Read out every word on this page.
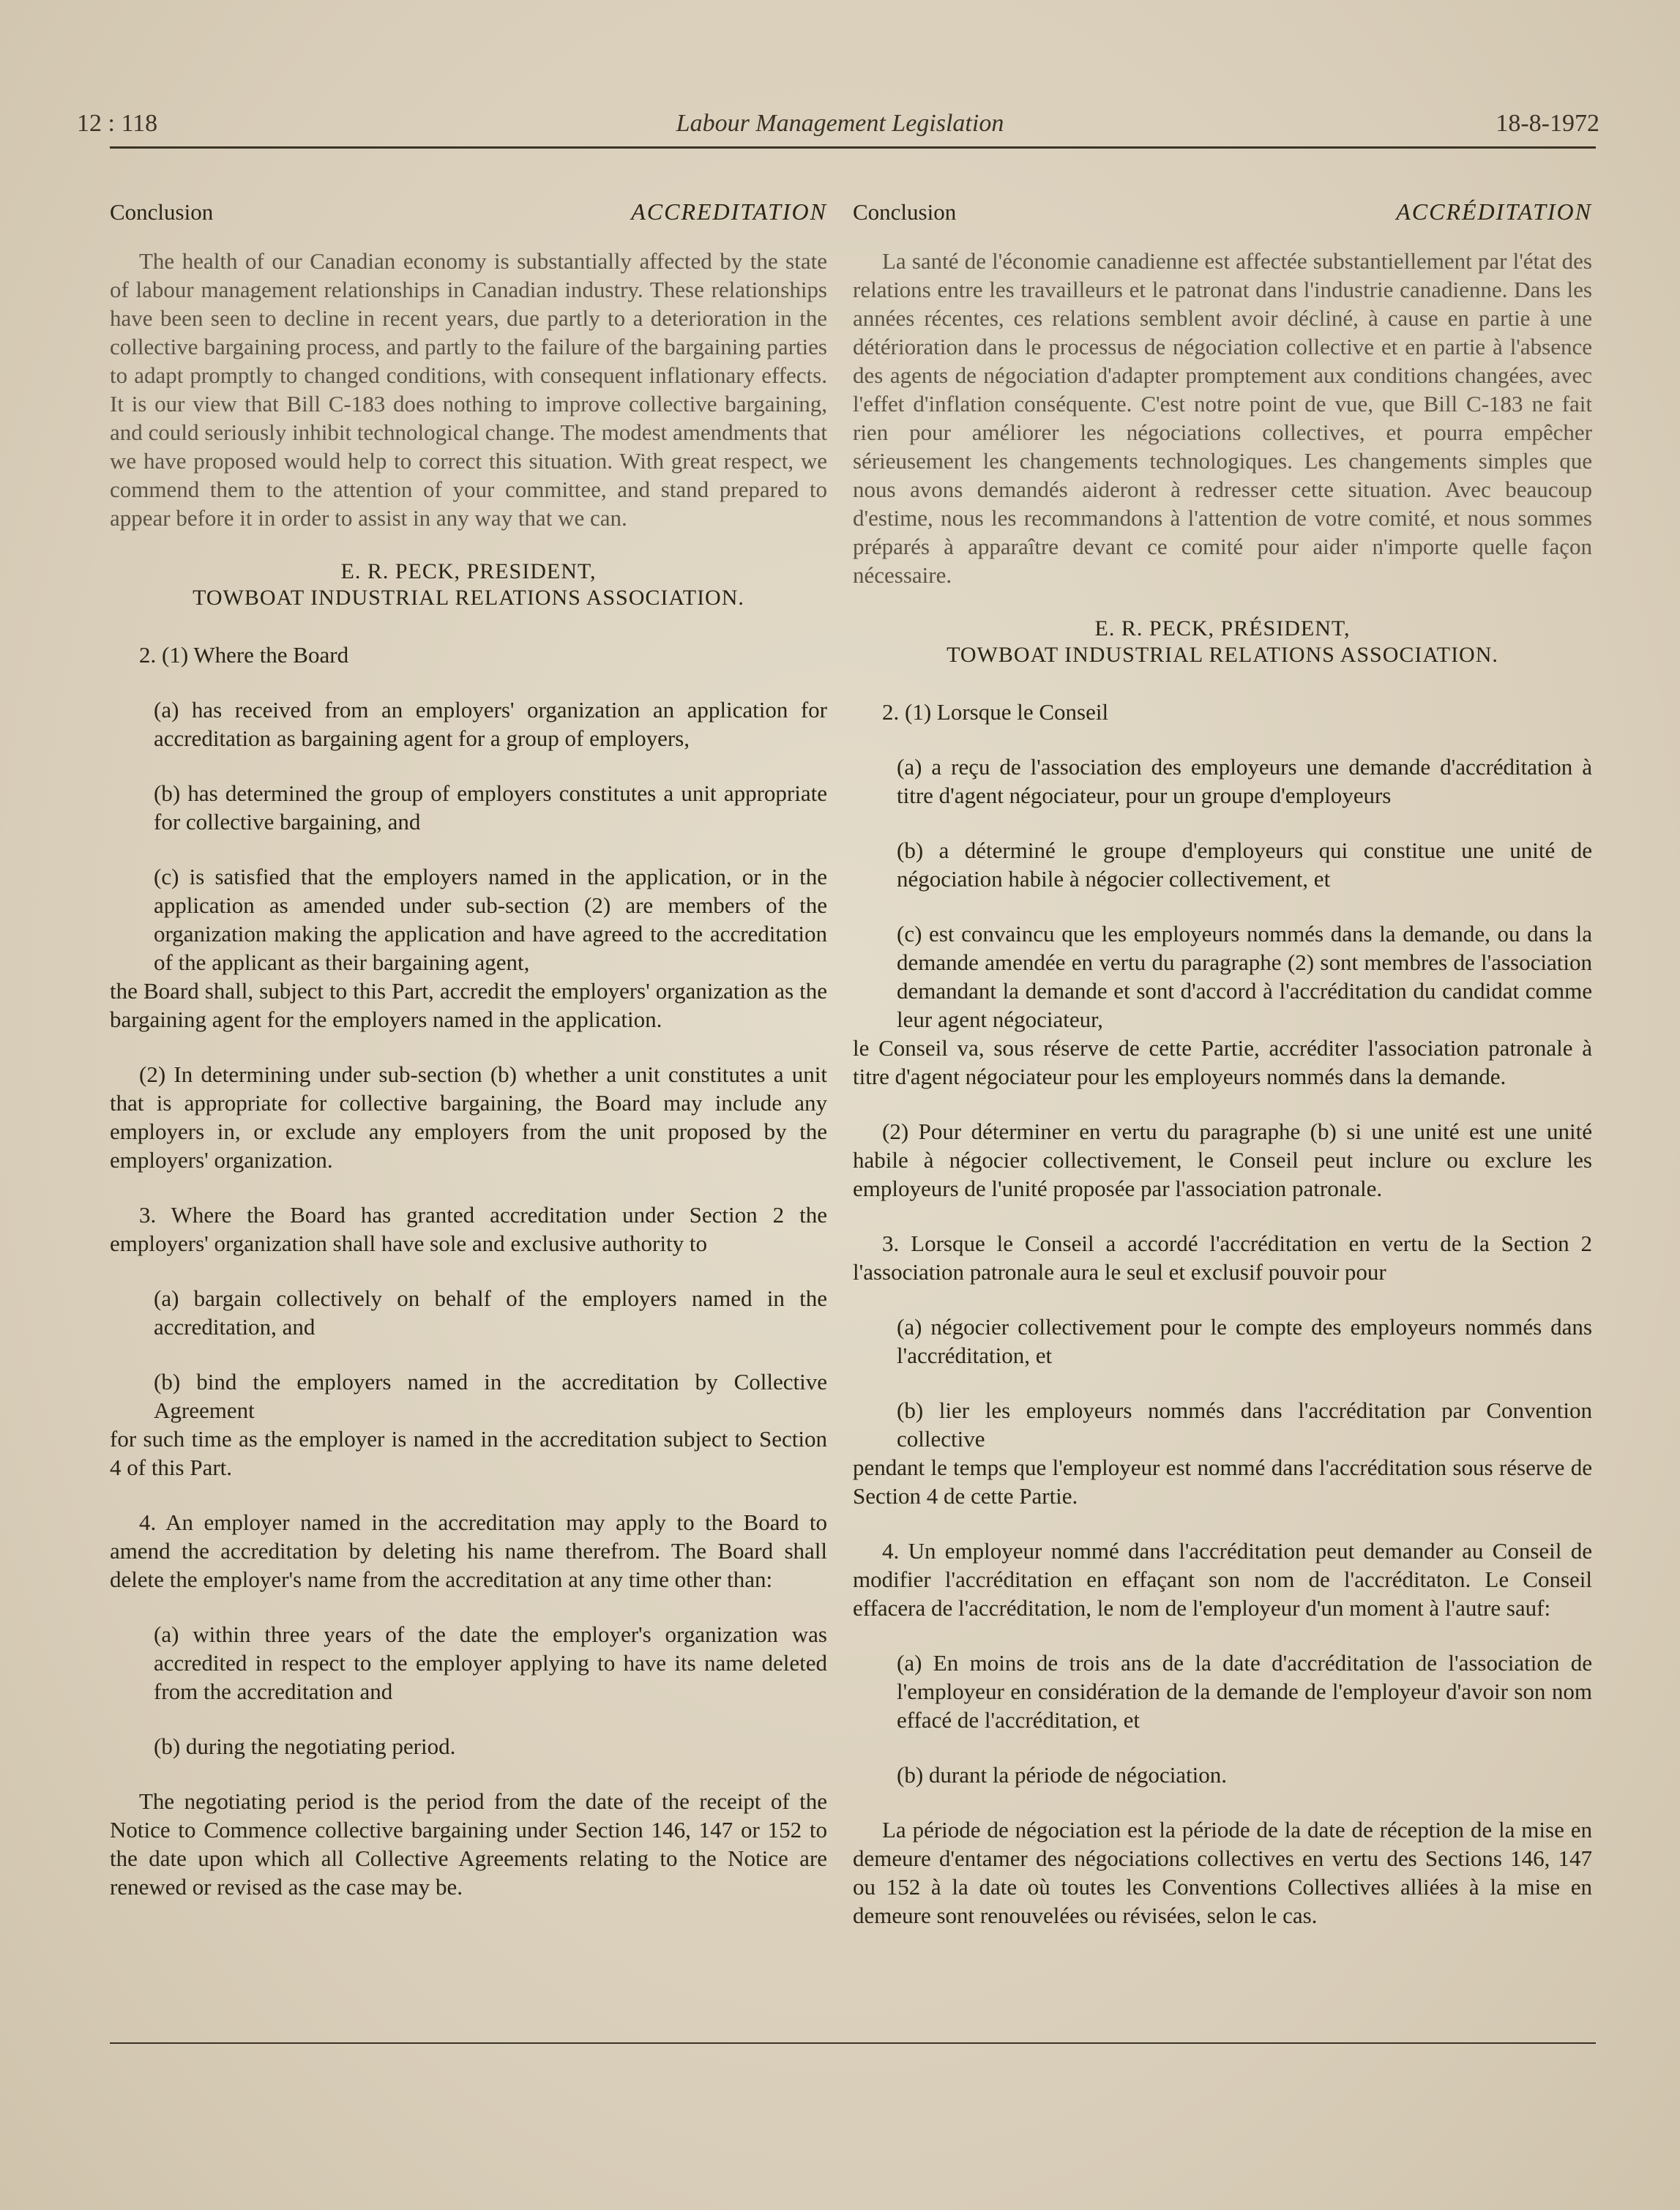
12 : 118	Labour Management Legislation	18-8-1972
Conclusion	ACCREDITATION

The health of our Canadian economy is substantially affected by the state of labour management relationships in Canadian industry. These relationships have been seen to decline in recent years, due partly to a deterioration in the collective bargaining process, and partly to the failure of the bargaining parties to adapt promptly to changed conditions, with consequent inflationary effects. It is our view that Bill C-183 does nothing to improve collective bargaining, and could seriously inhibit technological change. The modest amendments that we have proposed would help to correct this situation. With great respect, we commend them to the attention of your committee, and stand prepared to appear before it in order to assist in any way that we can.

E. R. PECK, PRESIDENT,
TOWBOAT INDUSTRIAL RELATIONS ASSOCIATION.

2. (1) Where the Board

(a) has received from an employers' organization an application for accreditation as bargaining agent for a group of employers,

(b) has determined the group of employers constitutes a unit appropriate for collective bargaining, and

(c) is satisfied that the employers named in the application, or in the application as amended under sub-section (2) are members of the organization making the application and have agreed to the accreditation of the applicant as their bargaining agent,

the Board shall, subject to this Part, accredit the employers' organization as the bargaining agent for the employers named in the application.

(2) In determining under sub-section (b) whether a unit constitutes a unit that is appropriate for collective bargaining, the Board may include any employers in, or exclude any employers from the unit proposed by the employers' organization.

3. Where the Board has granted accreditation under Section 2 the employers' organization shall have sole and exclusive authority to

(a) bargain collectively on behalf of the employers named in the accreditation, and

(b) bind the employers named in the accreditation by Collective Agreement

for such time as the employer is named in the accreditation subject to Section 4 of this Part.

4. An employer named in the accreditation may apply to the Board to amend the accreditation by deleting his name therefrom. The Board shall delete the employer's name from the accreditation at any time other than:

(a) within three years of the date the employer's organization was accredited in respect to the employer applying to have its name deleted from the accreditation and

(b) during the negotiating period.

The negotiating period is the period from the date of the receipt of the Notice to Commence collective bargaining under Section 146, 147 or 152 to the date upon which all Collective Agreements relating to the Notice are renewed or revised as the case may be.

Conclusion	ACCRÉDITATION

La santé de l'économie canadienne est affectée substantiellement par l'état des relations entre les travailleurs et le patronat dans l'industrie canadienne. Dans les années récentes, ces relations semblent avoir décliné, à cause en partie à une détérioration dans le processus de négociation collective et en partie à l'absence des agents de négociation d'adapter promptement aux conditions changées, avec l'effet d'inflation conséquente. C'est notre point de vue, que Bill C-183 ne fait rien pour améliorer les négociations collectives, et pourra empêcher sérieusement les changements technologiques. Les changements simples que nous avons demandés aideront à redresser cette situation. Avec beaucoup d'estime, nous les recommandons à l'attention de votre comité, et nous sommes préparés à apparaître devant ce comité pour aider n'importe quelle façon nécessaire.

E. R. PECK, PRÉSIDENT,
TOWBOAT INDUSTRIAL RELATIONS ASSOCIATION.

2. (1) Lorsque le Conseil

(a) a reçu de l'association des employeurs une demande d'accréditation à titre d'agent négociateur, pour un groupe d'employeurs

(b) a déterminé le groupe d'employeurs qui constitue une unité de négociation habile à négocier collectivement, et

(c) est convaincu que les employeurs nommés dans la demande, ou dans la demande amendée en vertu du paragraphe (2) sont membres de l'association demandant la demande et sont d'accord à l'accréditation du candidat comme leur agent négociateur,

le Conseil va, sous réserve de cette Partie, accréditer l'association patronale à titre d'agent négociateur pour les employeurs nommés dans la demande.

(2) Pour déterminer en vertu du paragraphe (b) si une unité est une unité habile à négocier collectivement, le Conseil peut inclure ou exclure les employeurs de l'unité proposée par l'association patronale.

3. Lorsque le Conseil a accordé l'accréditation en vertu de la Section 2 l'association patronale aura le seul et exclusif pouvoir pour

(a) négocier collectivement pour le compte des employeurs nommés dans l'accréditation, et

(b) lier les employeurs nommés dans l'accréditation par Convention collective

pendant le temps que l'employeur est nommé dans l'accréditation sous réserve de Section 4 de cette Partie.

4. Un employeur nommé dans l'accréditation peut demander au Conseil de modifier l'accréditation en effaçant son nom de l'accréditaton. Le Conseil effacera de l'accréditation, le nom de l'employeur d'un moment à l'autre sauf:

(a) En moins de trois ans de la date d'accréditation de l'association de l'employeur en considération de la demande de l'employeur d'avoir son nom effacé de l'accréditation, et

(b) durant la période de négociation.

La période de négociation est la période de la date de réception de la mise en demeure d'entamer des négociations collectives en vertu des Sections 146, 147 ou 152 à la date où toutes les Conventions Collectives alliées à la mise en demeure sont renouvelées ou révisées, selon le cas.
